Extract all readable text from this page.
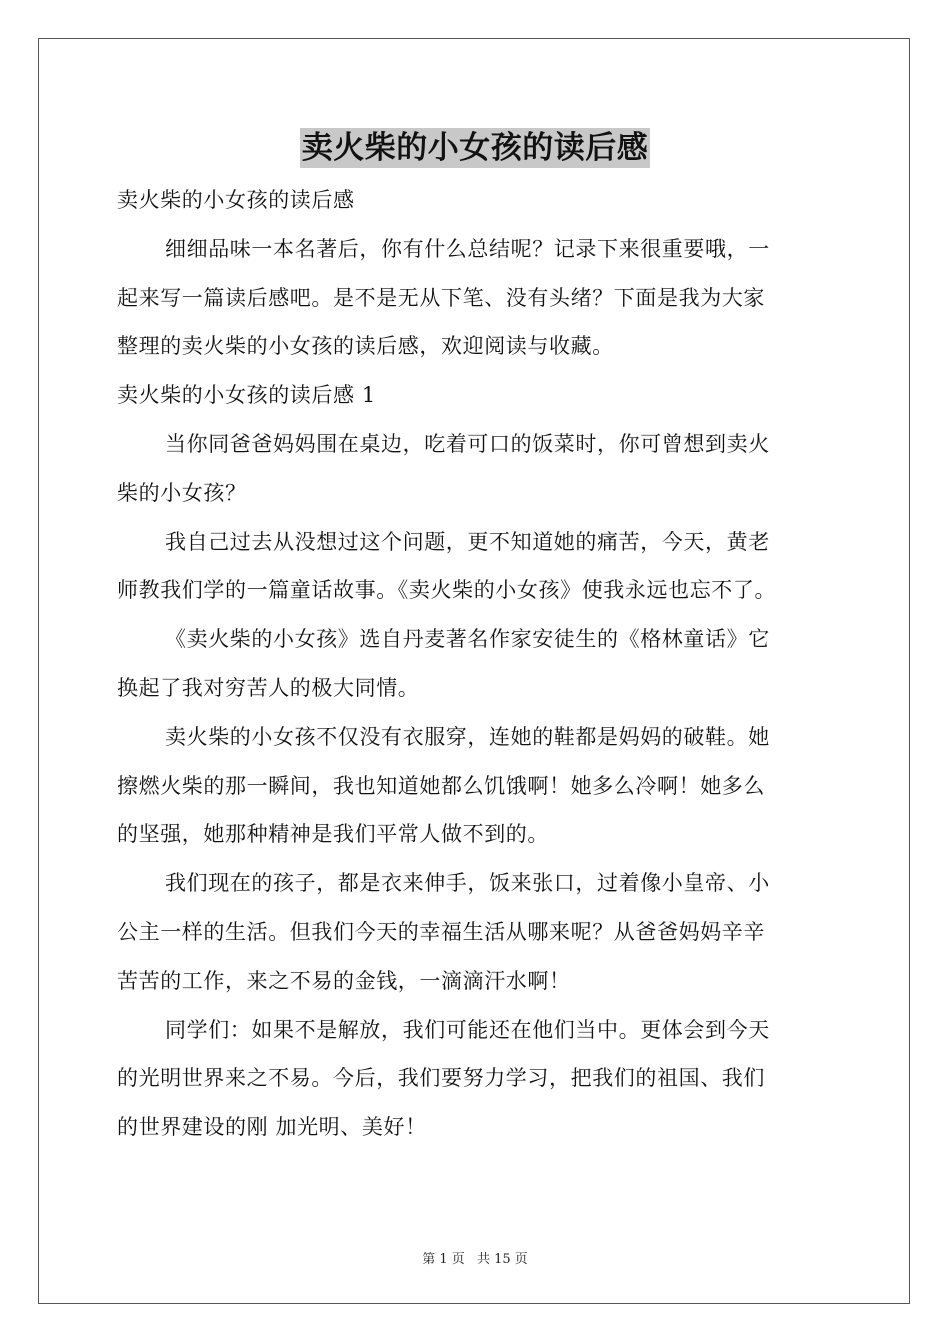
卖火柴的小女孩的读后感
卖火柴的小女孩的读后感
细细品味一本名著后，你有什么总结呢？记录下来很重要哦，一
起来写一篇读后感吧。是不是无从下笔、没有头绪？下面是我为大家
整理的卖火柴的小女孩的读后感，欢迎阅读与收藏。
卖火柴的小女孩的读后感 1
当你同爸爸妈妈围在桌边，吃着可口的饭菜时，你可曾想到卖火
柴的小女孩？
我自己过去从没想过这个问题，更不知道她的痛苦，今天，黄老
师教我们学的一篇童话故事。《卖火柴的小女孩》使我永远也忘不了。
《卖火柴的小女孩》选自丹麦著名作家安徒生的《格林童话》它
换起了我对穷苦人的极大同情。
卖火柴的小女孩不仅没有衣服穿，连她的鞋都是妈妈的破鞋。她
擦燃火柴的那一瞬间，我也知道她都么饥饿啊！她多么冷啊！她多么
的坚强，她那种精神是我们平常人做不到的。
我们现在的孩子，都是衣来伸手，饭来张口，过着像小皇帝、小
公主一样的生活。但我们今天的幸福生活从哪来呢？从爸爸妈妈辛辛
苦苦的工作，来之不易的金钱，一滴滴汗水啊！
同学们：如果不是解放，我们可能还在他们当中。更体会到今天
的光明世界来之不易。今后，我们要努力学习，把我们的祖国、我们
的世界建设的刚 加光明、美好！
第 1 页 共 15 页
